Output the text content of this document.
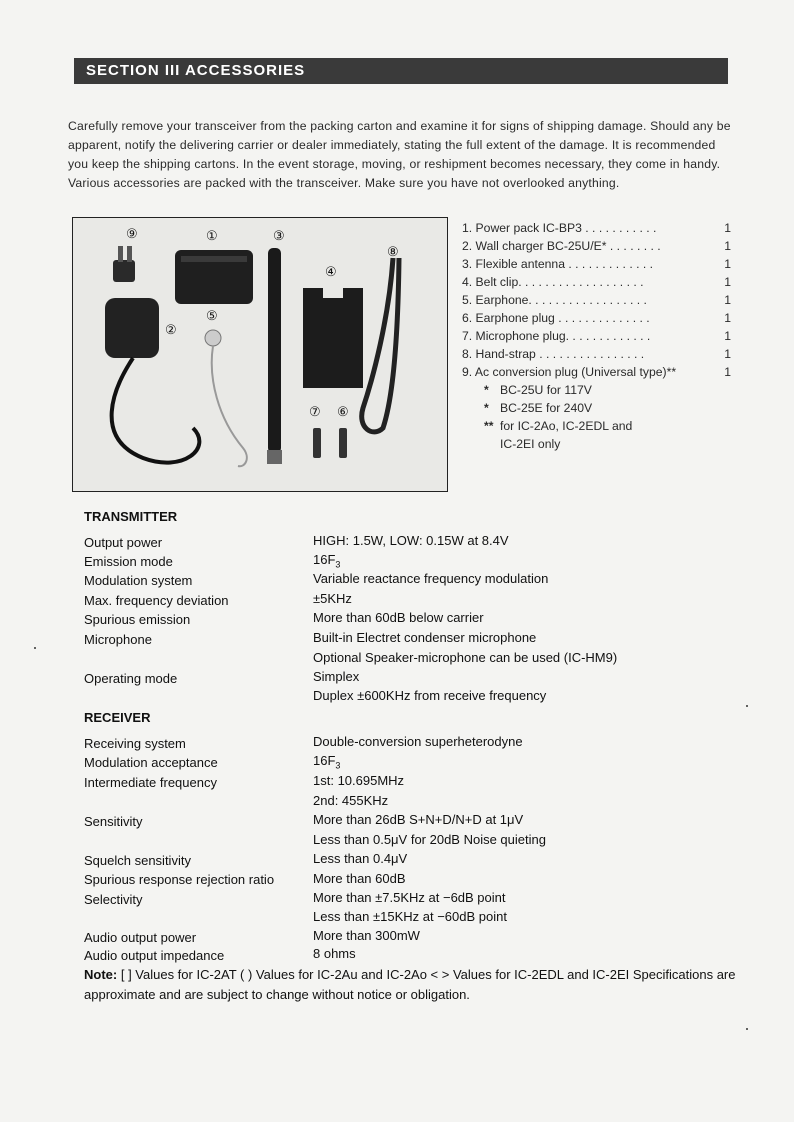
SECTION III ACCESSORIES
Carefully remove your transceiver from the packing carton and examine it for signs of shipping damage. Should any be apparent, notify the delivering carrier or dealer immediately, stating the full extent of the damage. It is recommended you keep the shipping cartons. In the event storage, moving, or reshipment becomes necessary, they come in handy. Various accessories are packed with the transceiver. Make sure you have not overlooked anything.
⑨	①	③
④
⑧
②
⑤
⑦ ⑥
1. Power pack IC-BP3 . . . . . . . . . . .	1
2. Wall charger BC-25U/E* . . . . . . . .	1
3. Flexible antenna . . . . . . . . . . . . .	1
4. Belt clip. . . . . . . . . . . . . . . . . . .	1
5. Earphone. . . . . . . . . . . . . . . . . .	1
6. Earphone plug . . . . . . . . . . . . . .	1
7. Microphone plug. . . . . . . . . . . . .	1
8. Hand-strap . . . . . . . . . . . . . . . .	1
9. Ac conversion plug (Universal type)**	1
* BC-25U for 117V
* BC-25E for 240V
** for IC-2Ao, IC-2EDL and
IC-2EI only
TRANSMITTER
Output power	HIGH: 1.5W, LOW: 0.15W at 8.4V
Emission mode	$16F_3$
Modulation system	Variable reactance frequency modulation
Max. frequency deviation	±5KHz
Spurious emission	More than 60dB below carrier
Microphone	Built-in Electret condenser microphone
Optional Speaker-microphone can be used (IC-HM9)
Operating mode	Simplex
Duplex ±600KHz from receive frequency
RECEIVER
Receiving system	Double-conversion superheterodyne
Modulation acceptance	$16F_3$
Intermediate frequency	1st: 10.695MHz
2nd: 455KHz
Sensitivity	More than 26dB S+N+D/N+D at 1μV
Less than 0.5μV for 20dB Noise quieting
Squelch sensitivity	Less than 0.4μV
Spurious response rejection ratio	More than 60dB
Selectivity	More than ±7.5KHz at −6dB point
Less than ±15KHz at −60dB point
Audio output power	More than 300mW
Audio output impedance	8 ohms
Note: [ ] Values for IC-2AT ( ) Values for IC-2Au and IC-2Ao < > Values for IC-2EDL and IC-2EI Specifications are approximate and are subject to change without notice or obligation.
